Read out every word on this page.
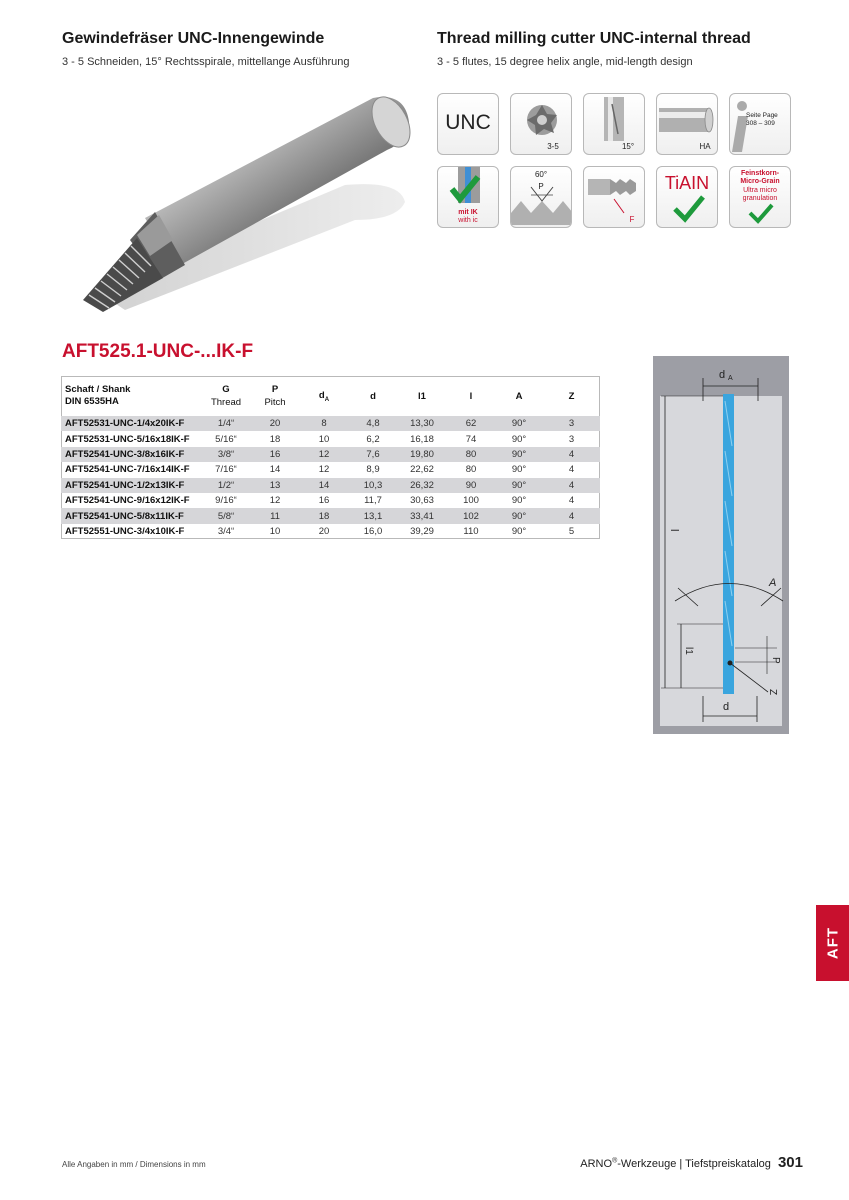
Gewindefräser UNC-Innengewinde
3 - 5 Schneiden, 15° Rechtsspirale, mittellange Ausführung
Thread milling cutter UNC-internal thread
3 - 5 flutes, 15 degree helix angle, mid-length design
UNC
3-5	15°	HA
Seite Page
308 – 309
mit IK
with ic
60°
P
F
TiAIN	Feinstkorn-
Micro-Grain
Ultra micro
granulation
AFT525.1-UNC-...IK-F
Schaft / Shank
DIN 6535HA	G
Thread	P
Pitch	$d_A$	d	l1	l	A	Z
AFT52531-UNC-1/4x20IK-F	1/4“	20	8	4,8	13,30	62	90°	3
AFT52531-UNC-5/16x18IK-F	5/16“	18	10	6,2	16,18	74	90°	3
AFT52541-UNC-3/8x16IK-F	3/8“	16	12	7,6	19,80	80	90°	4
AFT52541-UNC-7/16x14IK-F	7/16“	14	12	8,9	22,62	80	90°	4
AFT52541-UNC-1/2x13IK-F	1/2“	13	14	10,3	26,32	90	90°	4
AFT52541-UNC-9/16x12IK-F	9/16“	12	16	11,7	30,63	100	90°	4
AFT52541-UNC-5/8x11IK-F	5/8“	11	18	13,1	33,41	102	90°	4
AFT52551-UNC-3/4x10IK-F	3/4“	10	20	16,0	39,29	110	90°	5
d A
l
A
l1
P
Z
d
AFT
Alle Angaben in mm / Dimensions in mm	ARNO®-Werkzeuge | Tiefstpreiskatalog 301
